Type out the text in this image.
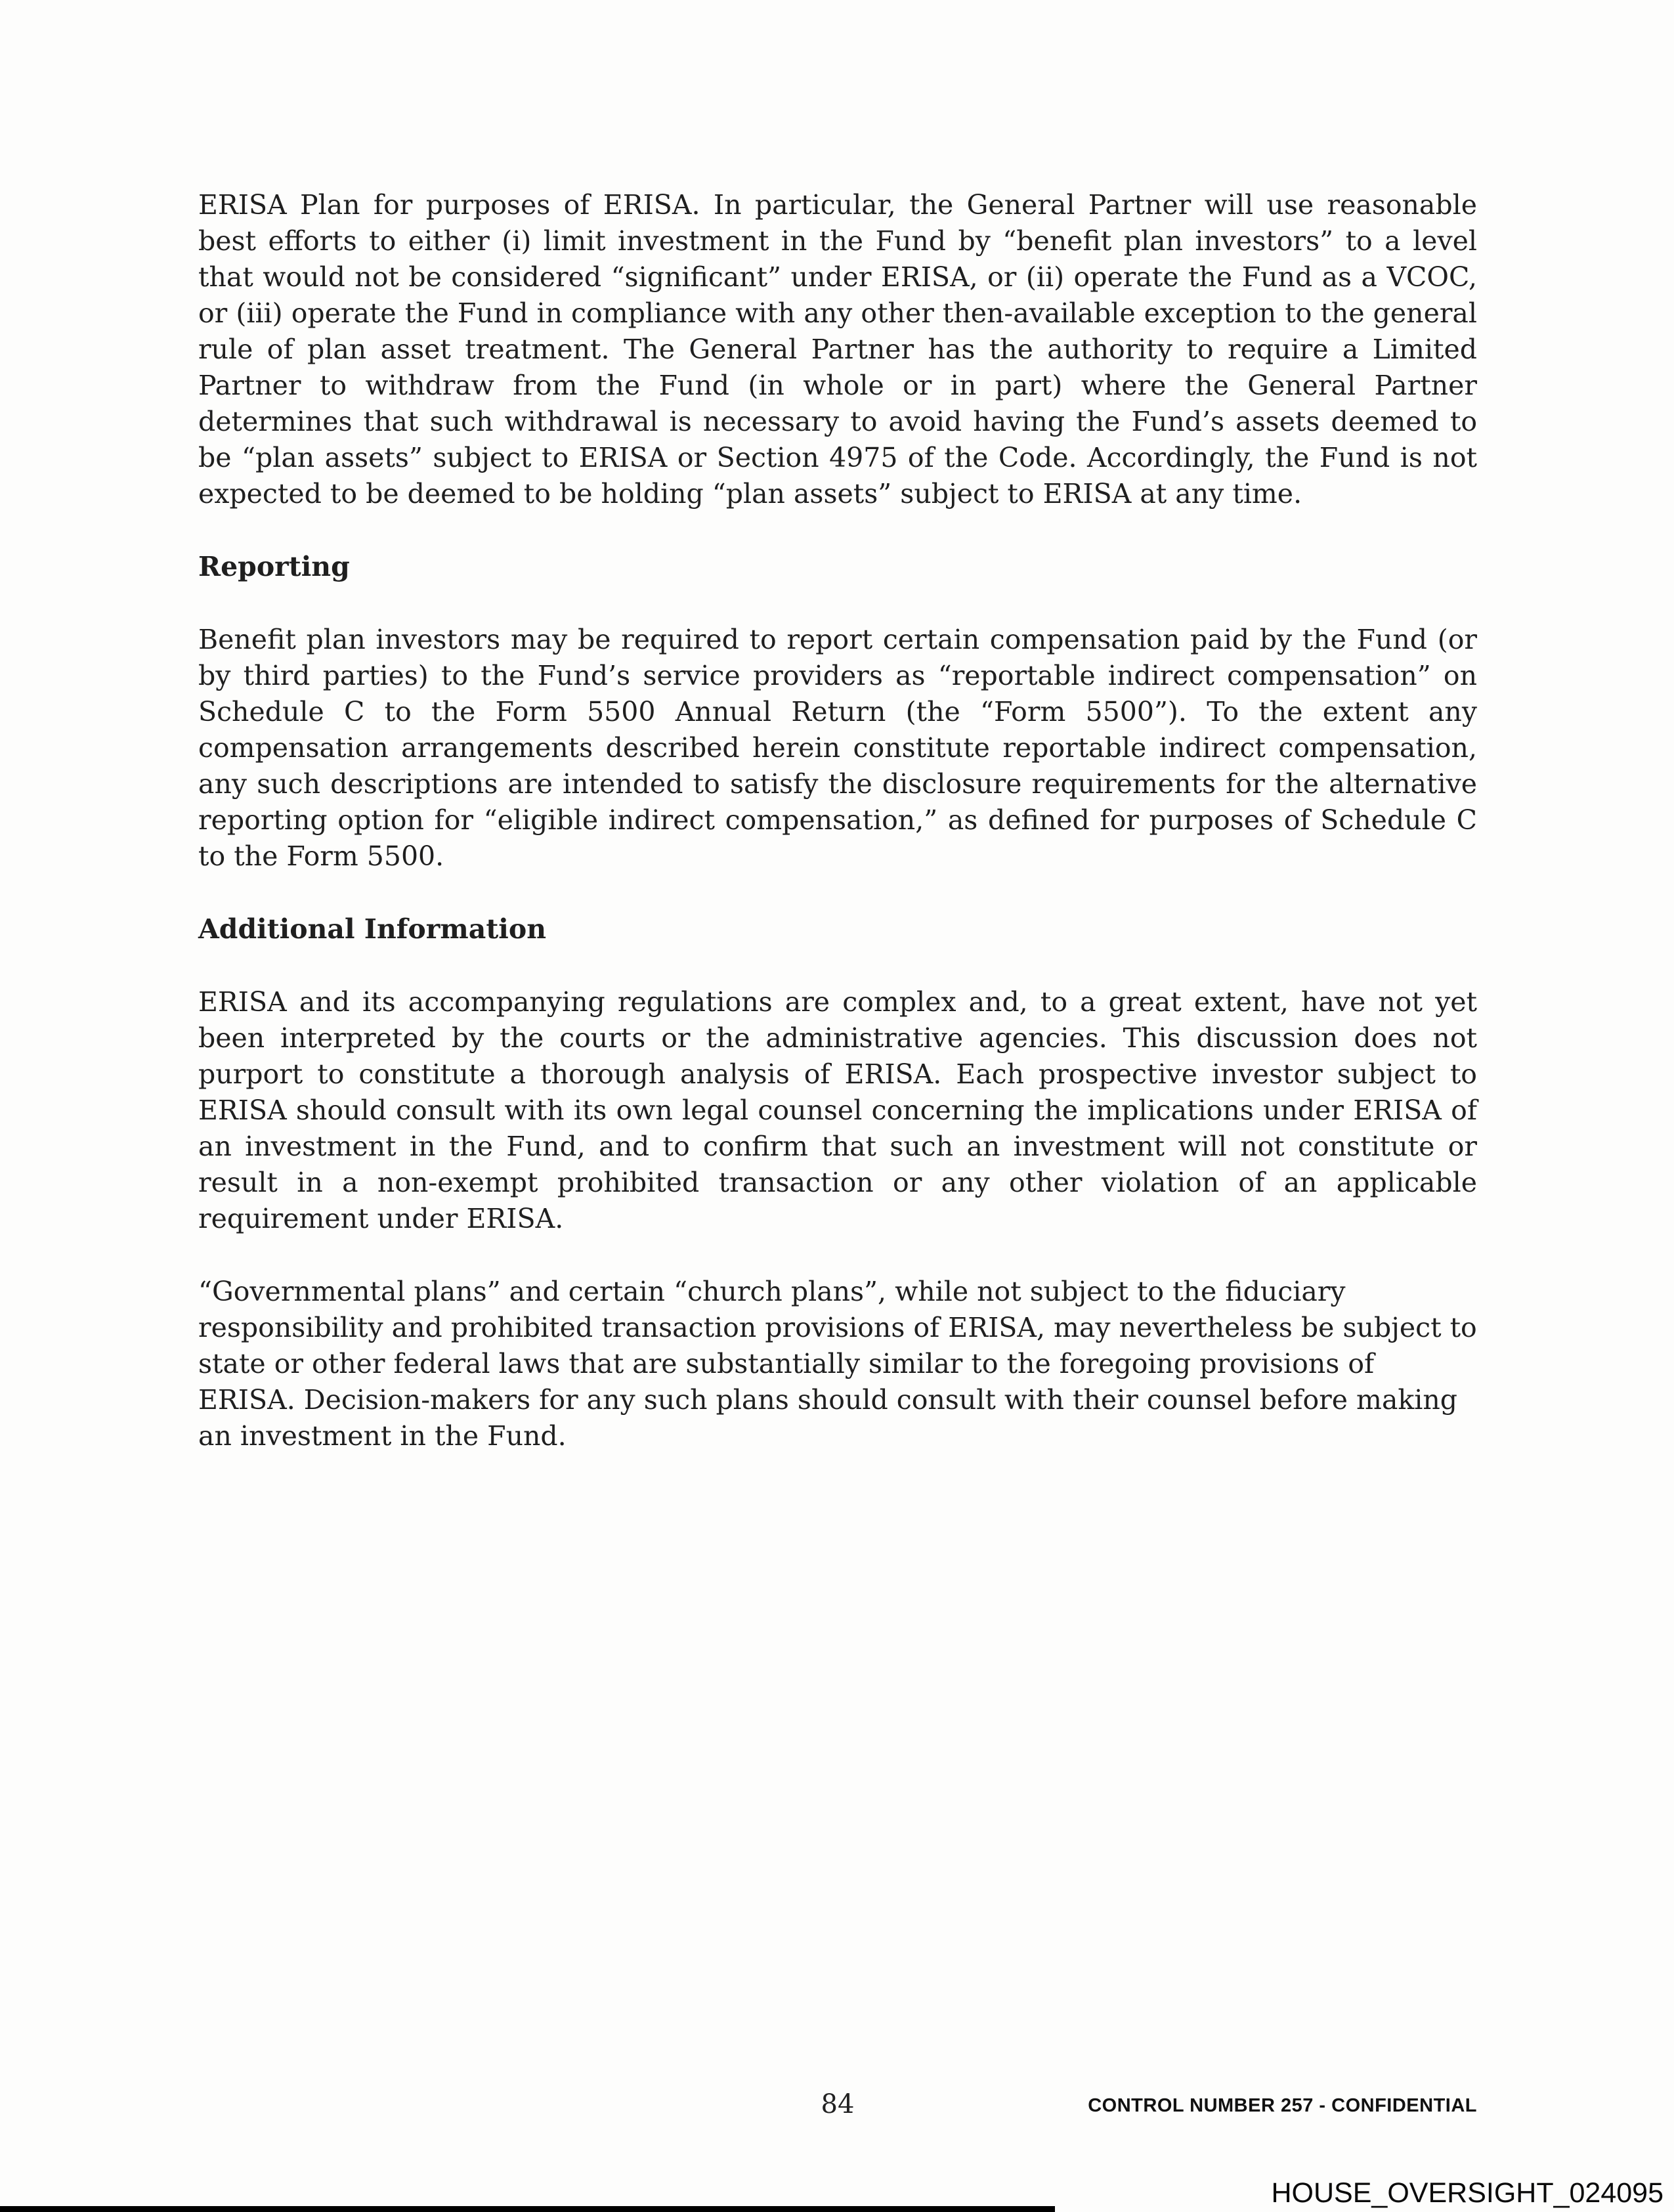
ERISA Plan for purposes of ERISA. In particular, the General Partner will use reasonable best efforts to either (i) limit investment in the Fund by “benefit plan investors” to a level that would not be considered “significant” under ERISA, or (ii) operate the Fund as a VCOC, or (iii) operate the Fund in compliance with any other then-available exception to the general rule of plan asset treatment. The General Partner has the authority to require a Limited Partner to withdraw from the Fund (in whole or in part) where the General Partner determines that such withdrawal is necessary to avoid having the Fund’s assets deemed to be “plan assets” subject to ERISA or Section 4975 of the Code. Accordingly, the Fund is not expected to be deemed to be holding “plan assets” subject to ERISA at any time.

Reporting

Benefit plan investors may be required to report certain compensation paid by the Fund (or by third parties) to the Fund’s service providers as “reportable indirect compensation” on Schedule C to the Form 5500 Annual Return (the “Form 5500”). To the extent any compensation arrangements described herein constitute reportable indirect compensation, any such descriptions are intended to satisfy the disclosure requirements for the alternative reporting option for “eligible indirect compensation,” as defined for purposes of Schedule C to the Form 5500.

Additional Information

ERISA and its accompanying regulations are complex and, to a great extent, have not yet been interpreted by the courts or the administrative agencies. This discussion does not purport to constitute a thorough analysis of ERISA. Each prospective investor subject to ERISA should consult with its own legal counsel concerning the implications under ERISA of an investment in the Fund, and to confirm that such an investment will not constitute or result in a non-exempt prohibited transaction or any other violation of an applicable requirement under ERISA.

“Governmental plans” and certain “church plans”, while not subject to the fiduciary responsibility and prohibited transaction provisions of ERISA, may nevertheless be subject to state or other federal laws that are substantially similar to the foregoing provisions of ERISA. Decision-makers for any such plans should consult with their counsel before making an investment in the Fund.

84	CONTROL NUMBER 257 - CONFIDENTIAL
HOUSE_OVERSIGHT_024095
